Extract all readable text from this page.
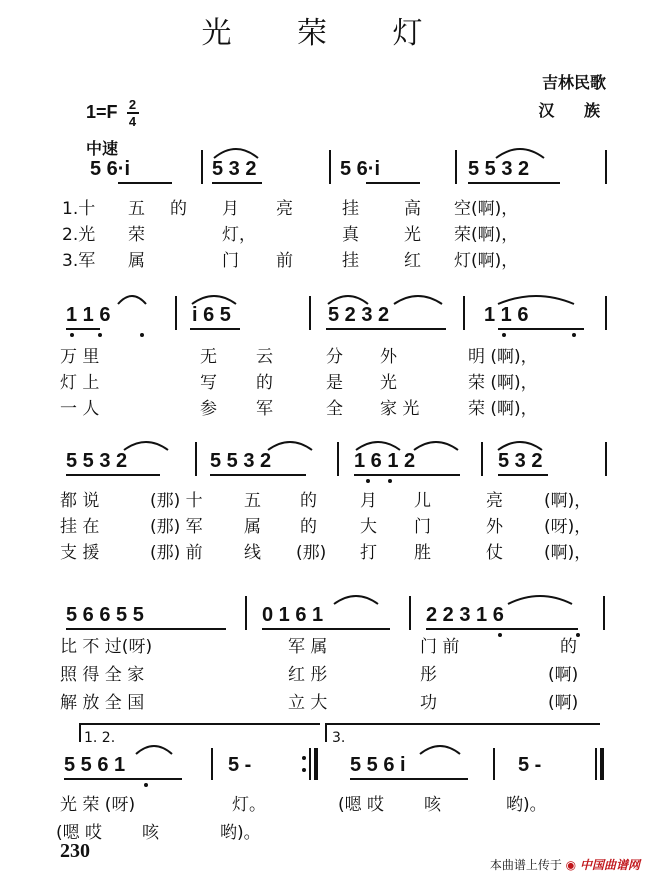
光 荣 灯
吉林民歌
汉 族
$1=F \frac{2}{4}$
中速
5 6·i	5 3 2	5 6·i	5 5 3 2
1.十 五 的 月 亮	挂	高 空(啊)，
2.光 荣	灯，	真	光 荣(啊)，
3.军 属	门 前	挂	红 灯(啊)，
1 1 6	i 6 5	5 2 3 2	1 1 6
万 里	无 云	分 外	明 (啊)，
灯 上	写 的	是 光	荣 (啊)，
一 人	参 军	全 家 光	荣 (啊)，
5 5 3 2	5 5 3 2	1 6 1 2	5 3 2
都 说	(那) 十 五 的	月 儿	亮 (啊)，
挂 在	(那) 军 属 的	大 门	外 (呀)，
支 援	(那) 前 线 (那) 打 胜	仗 (啊)，
5 6 6 5 5	0 1 6 1	2 2 3 1 6
比 不 过(呀)	军 属	门 前	的
照 得 全 家	红 彤	彤	(啊)
解 放 全 国	立 大	功	(啊)
1. 2.	3.
5 5 6 1	5 -	5 5 6 i	5 -
光 荣 (呀)	灯。	(嗯 哎 咳	哟)。
(嗯 哎 咳	哟)。
230
本曲谱上传于 ◉ 中国曲谱网
